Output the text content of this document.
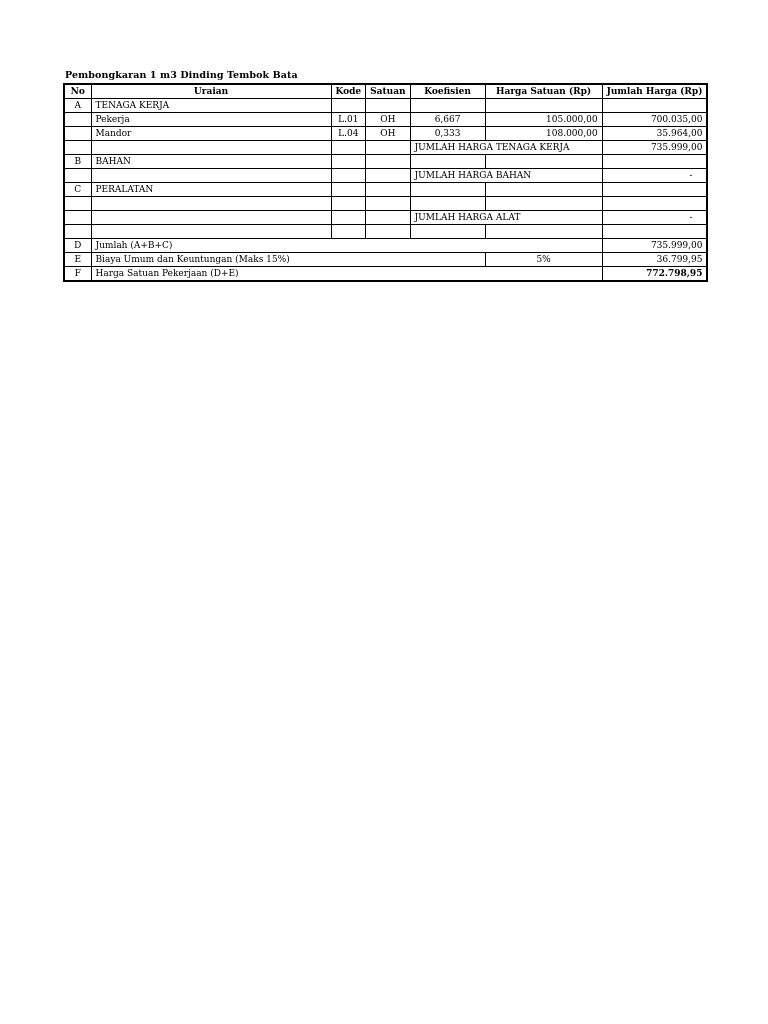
Pembongkaran 1 m3 Dinding Tembok Bata
No	Uraian	Kode	Satuan	Koefisien	Harga Satuan (Rp)	Jumlah Harga (Rp)
A	TENAGA KERJA					
	Pekerja	L.01	OH	6,667	105.000,00	700.035,00
	Mandor	L.04	OH	0,333	108.000,00	35.964,00
				JUMLAH HARGA TENAGA KERJA		735.999,00
B	BAHAN					
				JUMLAH HARGA BAHAN		-
C	PERALATAN					

				JUMLAH HARGA ALAT		-

D	Jumlah (A+B+C)					735.999,00
E	Biaya Umum dan Keuntungan (Maks 15%)				5%	36.799,95
F	Harga Satuan Pekerjaan (D+E)					772.798,95
